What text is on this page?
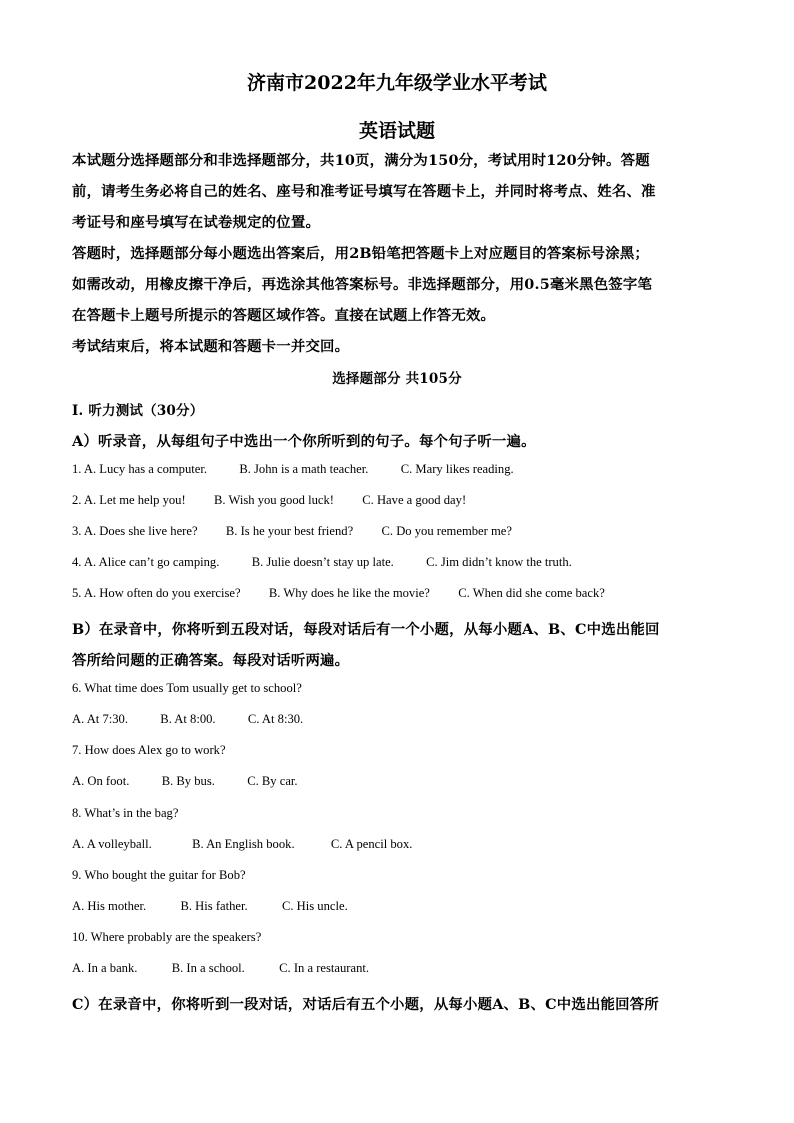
济南市2022年九年级学业水平考试
英语试题
本试题分选择题部分和非选择题部分，共10页，满分为150分，考试用时120分钟。答题
前，请考生务必将自己的姓名、座号和准考证号填写在答题卡上，并同时将考点、姓名、准
考证号和座号填写在试卷规定的位置。
答题时，选择题部分每小题选出答案后，用2B铅笔把答题卡上对应题目的答案标号涂黑；
如需改动，用橡皮擦干净后，再选涂其他答案标号。非选择题部分，用0.5毫米黑色签字笔
在答题卡上题号所提示的答题区域作答。直接在试题上作答无效。
考试结束后，将本试题和答题卡一并交回。
选择题部分 共105分
Ⅰ. 听力测试（30分）
A）听录音，从每组句子中选出一个你所听到的句子。每个句子听一遍。
1. A. Lucy has a computer.	B. John is a math teacher.	C. Mary likes reading.
2. A. Let me help you! B. Wish you good luck! C. Have a good day!
3. A. Does she live here? B. Is he your best friend? C. Do you remember me?
4. A. Alice can’t go camping.	B. Julie doesn’t stay up late.	C. Jim didn’t know the truth.
5. A. How often do you exercise? B. Why does he like the movie? C. When did she come back?
B）在录音中，你将听到五段对话，每段对话后有一个小题，从每小题A、B、C中选出能回
答所给问题的正确答案。每段对话听两遍。
6. What time does Tom usually get to school?
A. At 7:30.	B. At 8:00.	C. At 8:30.
7. How does Alex go to work?
A. On foot.	B. By bus.	C. By car.
8. What’s in the bag?
A. A volleyball.	B. An English book.	C. A pencil box.
9. Who bought the guitar for Bob?
A. His mother.	B. His father.	C. His uncle.
10. Where probably are the speakers?
A. In a bank.	B. In a school.	C. In a restaurant.
C）在录音中，你将听到一段对话，对话后有五个小题，从每小题A、B、C中选出能回答所
